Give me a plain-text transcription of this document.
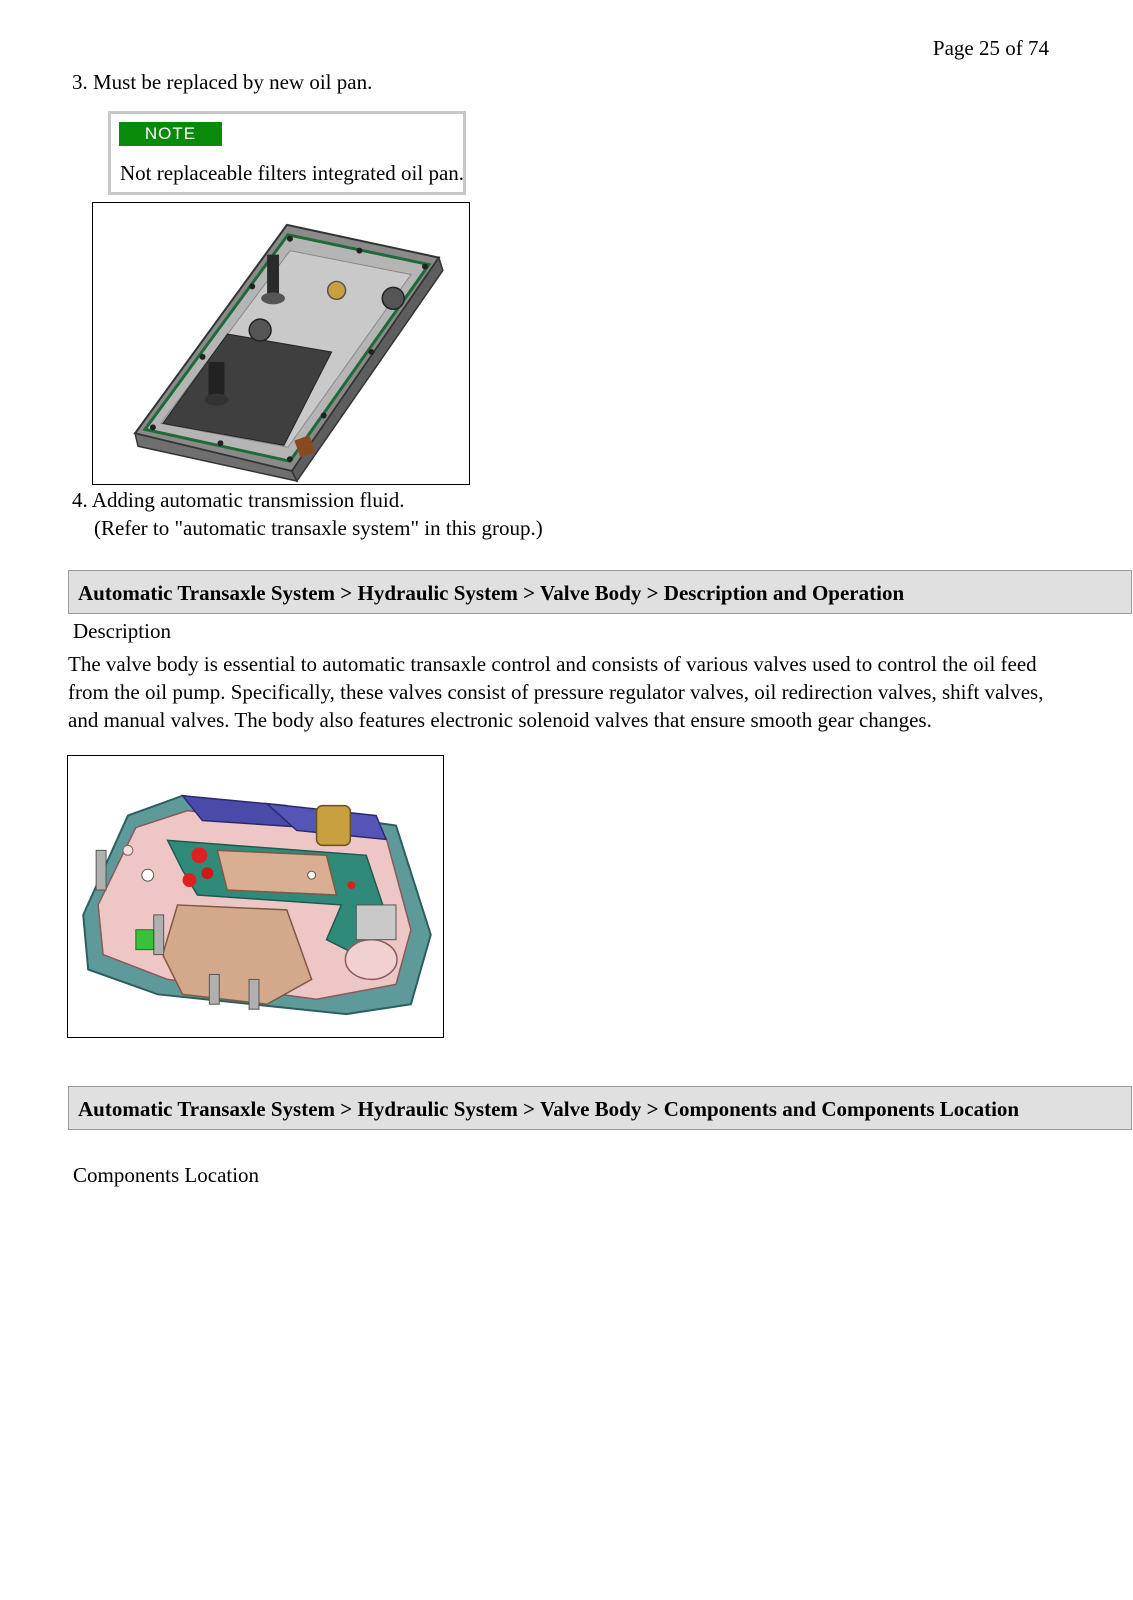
Page 25 of 74
3. Must be replaced by new oil pan.
NOTE
Not replaceable filters integrated oil pan.
4. Adding automatic transmission fluid.
(Refer to "automatic transaxle system" in this group.)
Automatic Transaxle System > Hydraulic System > Valve Body > Description and Operation
Description
The valve body is essential to automatic transaxle control and consists of various valves used to control the oil feed from the oil pump. Specifically, these valves consist of pressure regulator valves, oil redirection valves, shift valves, and manual valves. The body also features electronic solenoid valves that ensure smooth gear changes.
Automatic Transaxle System > Hydraulic System > Valve Body > Components and Components Location
Components Location
